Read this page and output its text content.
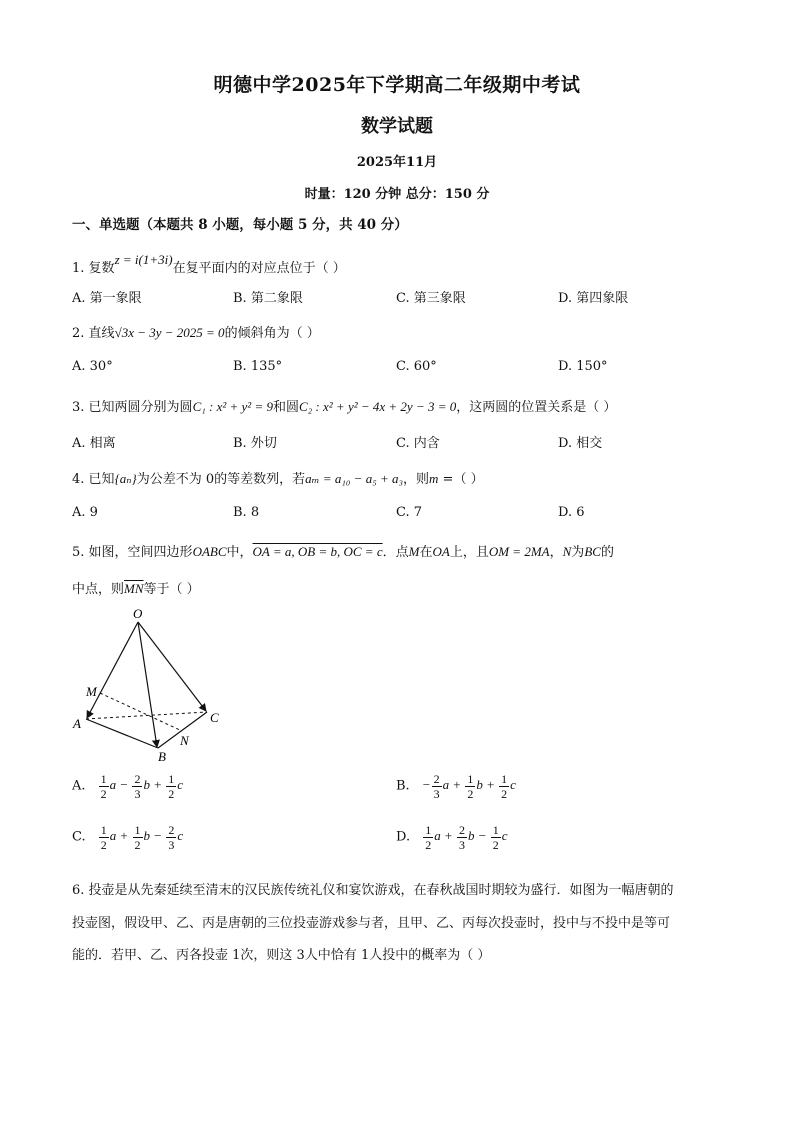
明德中学2025年下学期高二年级期中考试
数学试题
2025年11月
时量：120 分钟 总分：150 分
一、单选题（本题共 8 小题，每小题 5 分，共 40 分）
1. 复数z = i(1+3i)在复平面内的对应点位于（ ）
A. 第一象限	B. 第二象限	C. 第三象限	D. 第四象限
2. 直线√3x − 3y − 2025 = 0的倾斜角为（ ）
A. 30°	B. 135°	C. 60°	D. 150°
3. 已知两圆分别为圆C₁ : x² + y² = 9和圆C₂ : x² + y² − 4x + 2y − 3 = 0，这两圆的位置关系是（ ）
A. 相离	B. 外切	C. 内含	D. 相交
4. 已知{aₙ}为公差不为 0的等差数列，若aₘ = a₁₀ − a₅ + a₃，则m =（ ）
A. 9	B. 8	C. 7	D. 6
5. 如图，空间四边形OABC中，OA = a, OB = b, OC = c．点M在OA上，且OM = 2MA，N为BC的
中点，则$\overline{MN}$等于（ ）
O
M
A	C
N
B
A. $\frac{1}{2}$ $a - \frac{2}{3}$ $b + \frac{1}{2}$ c	B. − $\frac{2}{3}$ $a + \frac{1}{2}$ $b + \frac{1}{2}$ c
C. $\frac{1}{2}$ $a + \frac{1}{2}$ $b - \frac{2}{3}$ c	D. $\frac{1}{2}$ $a + \frac{2}{3}$ $b - \frac{1}{2}$ c
6. 投壶是从先秦延续至清末的汉民族传统礼仪和宴饮游戏，在春秋战国时期较为盛行．如图为一幅唐朝的
投壶图，假设甲、乙、丙是唐朝的三位投壶游戏参与者，且甲、乙、丙每次投壶时，投中与不投中是等可
能的．若甲、乙、丙各投壶 1次，则这 3人中恰有 1人投中的概率为（ ）
